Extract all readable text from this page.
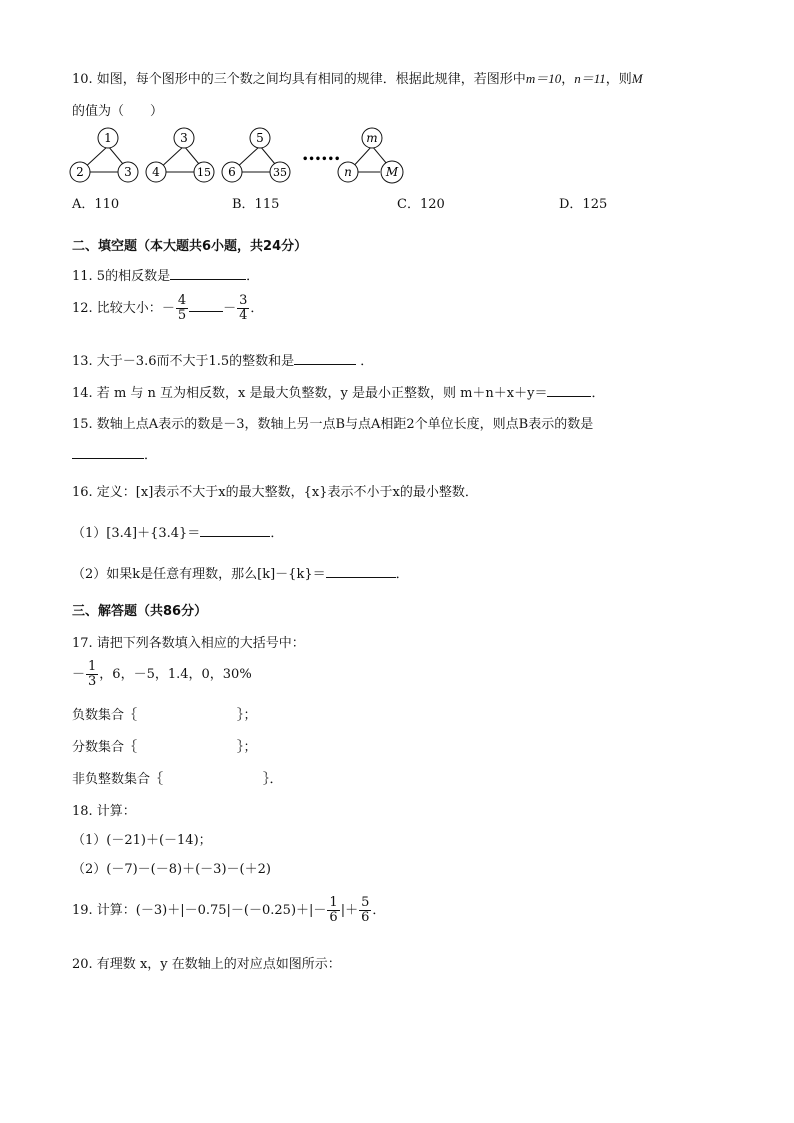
10. 如图，每个图形中的三个数之间均具有相同的规律．根据此规律，若图形中m＝10，n＝11，则M
的值为（　　）
1
2	3
3
4	15
5
6	35
••••••
m
n	M
A．110	B．115	C．120	D．125
二、填空题（本大题共6小题，共24分）
11. 5的相反数是	．
12. 比较大小：－ $\frac{4}{5}$	－ $\frac{3}{4}$ ．
13. 大于－3.6而不大于1.5的整数和是	．
14. 若 m 与 n 互为相反数，x 是最大负整数，y 是最小正整数，则 m＋n＋x＋y＝	．
15. 数轴上点A表示的数是－3，数轴上另一点B与点A相距2个单位长度，则点B表示的数是
．
16. 定义：[x]表示不大于x的最大整数，{x}表示不小于x的最小整数．
（1）[3.4]＋{3.4}＝	．
（2）如果k是任意有理数，那么[k]－{k}＝	．
三、解答题（共86分）
17. 请把下列各数填入相应的大括号中：
－ $\frac{1}{3}$ ，6，－5，1.4，0，30%
负数集合｛	｝；
分数集合｛	｝；
非负整数集合｛	｝．
18. 计算：
（1）(－21)＋(－14)；
（2）(－7)－(－8)＋(－3)－(＋2)
19. 计算：$(-3)+|-0.75|-(-0.25)+|- \frac{1}{6}$ |＋ $\frac{5}{6}$ ．
20. 有理数 x，y 在数轴上的对应点如图所示：
